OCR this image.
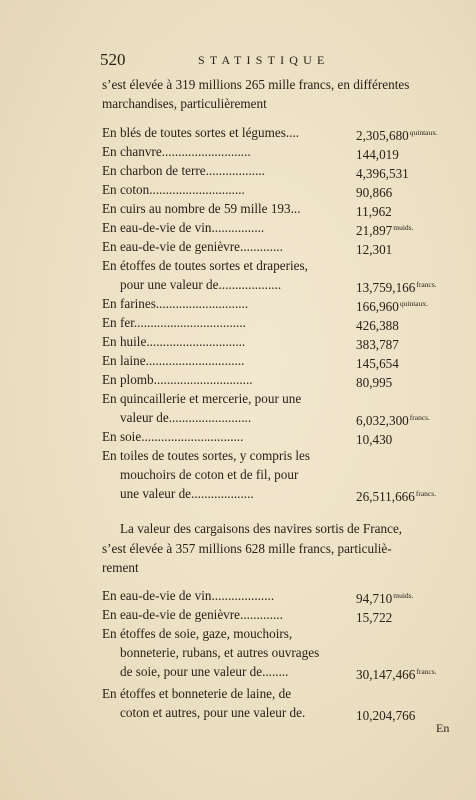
520	STATISTIQUE
s’est élevée à 319 millions 265 mille francs, en différentes
marchandises, particulièrement
En blés de toutes sortes et légumes....	$2,305,680^{quintaux.}$
En chanvre...........................	144,019
En charbon de terre..................	4,396,531
En coton.............................	90,866
En cuirs au nombre de 59 mille 193...	11,962
En eau-de-vie de vin................	$21,897^{muids.}$
En eau-de-vie de genièvre.............	12,301
En étoffes de toutes sortes et draperies,
pour une valeur de...................	$13,759,166^{francs.}$
En farines............................	$166,960^{quintaux.}$
En fer..................................	426,388
En huile..............................	383,787
En laine..............................	145,654
En plomb..............................	80,995
En quincaillerie et mercerie, pour une
valeur de.........................	$6,032,300^{francs.}$
En soie...............................	10,430
En toiles de toutes sortes, y compris les
mouchoirs de coton et de fil, pour
une valeur de...................	$26,511,666^{francs.}$
La valeur des cargaisons des navires sortis de France,
s’est élevée à 357 millions 628 mille francs, particuliè-
rement
En eau-de-vie de vin...................	$94,710^{muids.}$
En eau-de-vie de genièvre.............	15,722
En étoffes de soie, gaze, mouchoirs,
bonneterie, rubans, et autres ouvrages
de soie, pour une valeur de........	$30,147,466^{francs.}$
En étoffes et bonneterie de laine, de
coton et autres, pour une valeur de.	10,204,766
En
